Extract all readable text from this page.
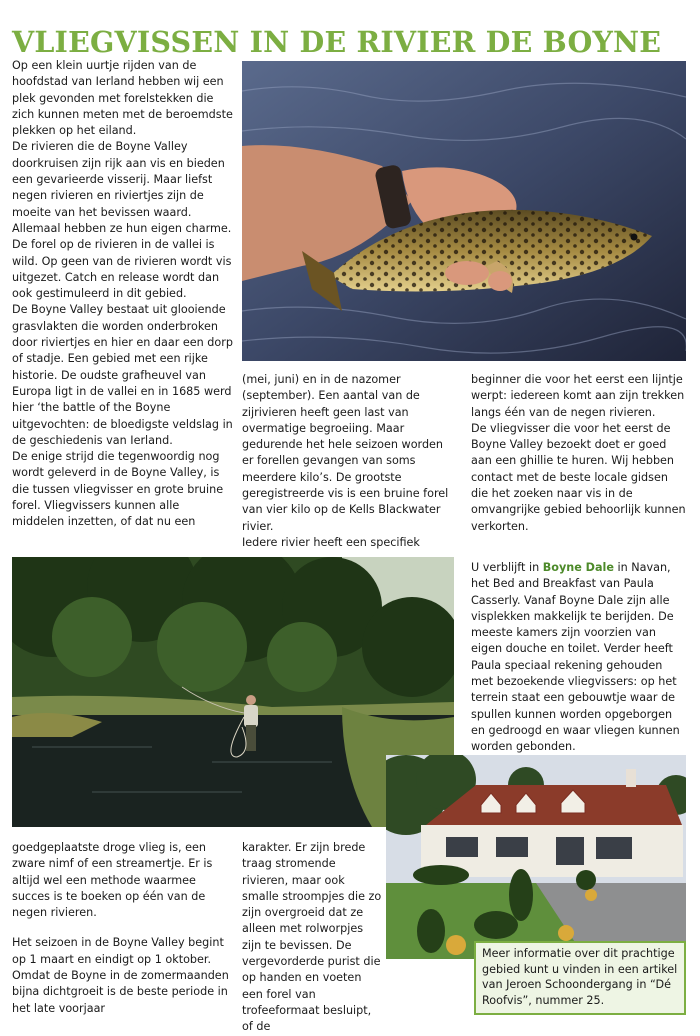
VLIEGVISSEN IN DE RIVIER DE BOYNE

Op een klein uurtje rijden van de hoofdstad van Ierland hebben wij een plek gevonden met forelstekken die zich kunnen meten met de beroemdste plekken op het eiland.

De rivieren die de Boyne Valley doorkruisen zijn rijk aan vis en bieden een gevarieerde visserij. Maar liefst negen rivieren en riviertjes zijn de moeite van het bevissen waard. Allemaal hebben ze hun eigen charme. De forel op de rivieren in de vallei is wild. Op geen van de rivieren wordt vis uitgezet. Catch en release wordt dan ook gestimuleerd in dit gebied.

De Boyne Valley bestaat uit glooiende grasvlakten die worden onderbroken door riviertjes en hier en daar een dorp of stadje. Een gebied met een rijke historie. De oudste grafheuvel van Europa ligt in de vallei en in 1685 werd hier ‘the battle of the Boyne uitgevochten: de bloedigste veldslag in de geschiedenis van Ierland.

De enige strijd die tegenwoordig nog wordt geleverd in de Boyne Valley, is die tussen vliegvisser en grote bruine forel. Vliegvissers kunnen alle middelen inzetten, of dat nu een

(mei, juni) en in de nazomer (september). Een aantal van de zijrivieren heeft geen last van overmatige begroeiing. Maar gedurende het hele seizoen worden er forellen gevangen van soms meerdere kilo’s. De grootste geregistreerde vis is een bruine forel van vier kilo op de Kells Blackwater rivier.

Iedere rivier heeft een specifiek

beginner die voor het eerst een lijntje werpt: iedereen komt aan zijn trekken langs één van de negen rivieren.

De vliegvisser die voor het eerst de Boyne Valley bezoekt doet er goed aan een ghillie te huren. Wij hebben contact met de beste locale gidsen die het zoeken naar vis in de omvangrijke gebied behoorlijk kunnen verkorten.

U verblijft in Boyne Dale in Navan, het Bed and Breakfast van Paula Casserly. Vanaf Boyne Dale zijn alle visplekken makkelijk te berijden. De meeste kamers zijn voorzien van eigen douche en toilet. Verder heeft Paula speciaal rekening gehouden met bezoekende vliegvissers: op het terrein staat een gebouwtje waar de spullen kunnen worden opgeborgen en gedroogd en waar vliegen kunnen worden gebonden.

goedgeplaatste droge vlieg is, een zware nimf of een streamertje. Er is altijd wel een methode waarmee succes is te boeken op één van de negen rivieren.

Het seizoen in de Boyne Valley begint op 1 maart en eindigt op 1 oktober. Omdat de Boyne in de zomermaanden bijna dichtgroeit is de beste periode in het late voorjaar

karakter. Er zijn brede traag stromende rivieren, maar ook smalle stroompjes die zo zijn overgroeid dat ze alleen met rolworpjes zijn te bevissen. De vergevorderde purist die op handen en voeten een forel van trofeeformaat besluipt, of de

Meer informatie over dit prachtige gebied kunt u vinden in een artikel van Jeroen Schoondergang in “Dé Roofvis”, nummer 25.
